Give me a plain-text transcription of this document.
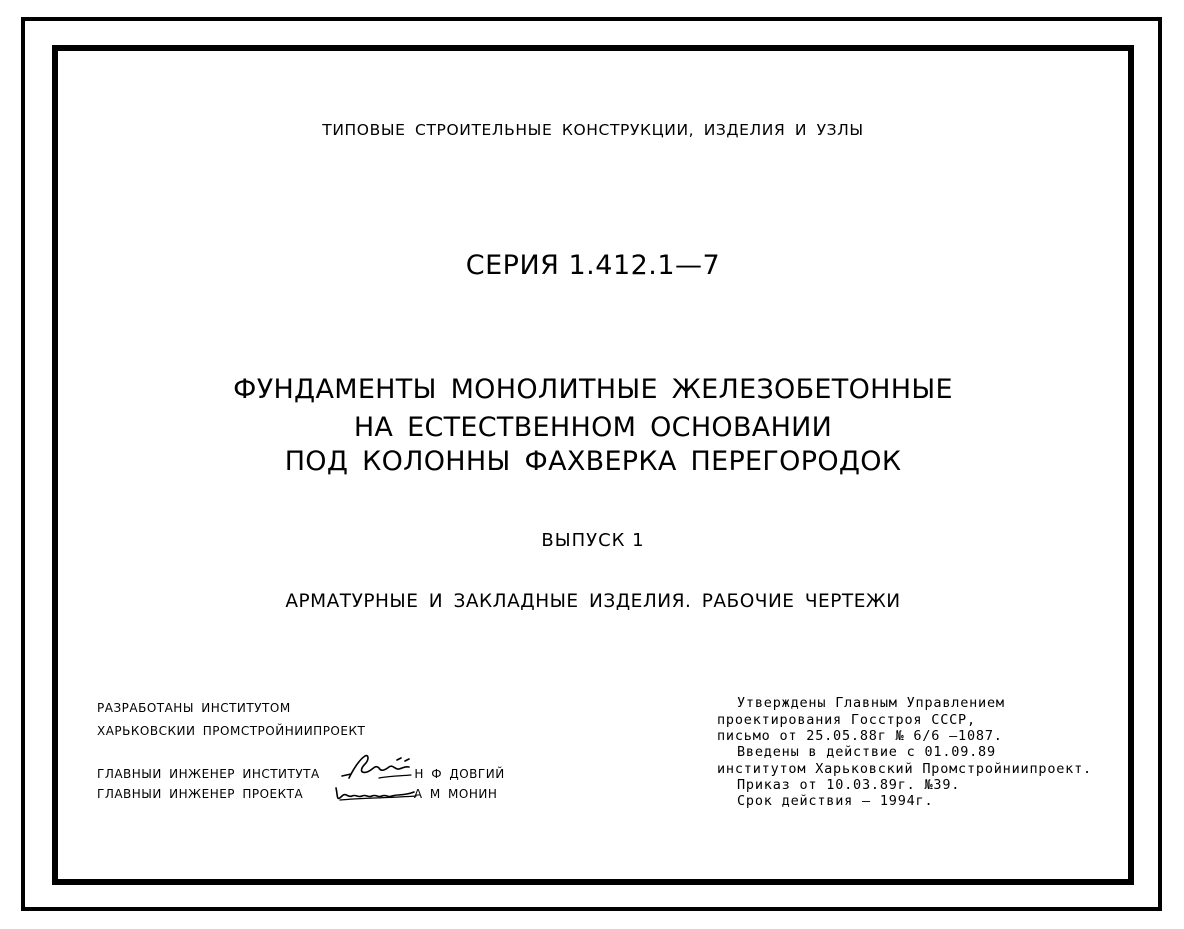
ТИПОВЫЕ СТРОИТЕЛЬНЫЕ КОНСТРУКЦИИ, ИЗДЕЛИЯ И УЗЛЫ
СЕРИЯ 1.412.1—7
ФУНДАМЕНТЫ МОНОЛИТНЫЕ ЖЕЛЕЗОБЕТОННЫЕ
НА ЕСТЕСТВЕННОМ ОСНОВАНИИ
ПОД КОЛОННЫ ФАХВЕРКА ПЕРЕГОРОДОК
ВЫПУСК 1
АРМАТУРНЫЕ И ЗАКЛАДНЫЕ ИЗДЕЛИЯ. РАБОЧИЕ ЧЕРТЕЖИ
РАЗРАБОТАНЫ ИНСТИТУТОМ
ХАРЬКОВСКИИ ПРОМСТРОЙНИИПРОЕКТ
ГЛАВНЫИ ИНЖЕНЕР ИНСТИТУТА	Н Ф ДОВГИЙ
ГЛАВНЫИ ИНЖЕНЕР ПРОЕКТА	А М МОНИН
Утверждены Главным Управлением
проектирования Госстроя СССР,
письмо от 25.05.88г № 6/6 —1087.
Введены в действие с 01.09.89
институтом Харьковский Промстройниипроект.
Приказ от 10.03.89г. №39.
Срок действия — 1994г.
